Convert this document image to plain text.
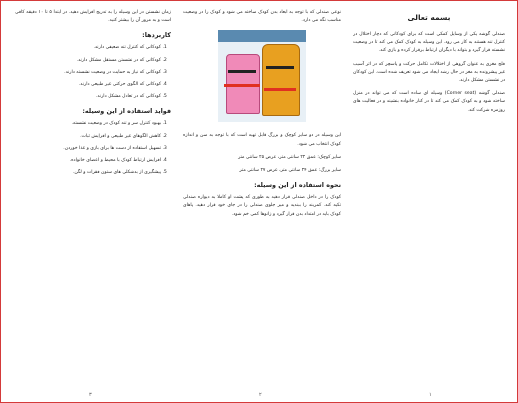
بسمه تعالی

صندلی گوشه یکی از وسایل کمکی است که برای کودکانی که دچار اختلال در کنترل تنه هستند به کار می رود. این وسیله به کودک کمک می کند تا در وضعیت نشسته قرار گیرد و بتواند با دیگران ارتباط برقرار کرده و بازی کند.

فلج مغزی به عنوان گروهی از اختلالات تکامل حرکت و پاسچر که در اثر آسیب غیر پیشرونده به مغز در حال رشد ایجاد می شود تعریف شده است. این کودکان در نشستن مشکل دارند.

صندلی گوشه (Corner seat) وسیله ای ساده است که می تواند در منزل ساخته شود و به کودک کمک می کند تا در کنار خانواده بنشیند و در فعالیت های روزمره شرکت کند.

۱

نوعی صندلی که با توجه به ابعاد بدن کودک ساخته می شود و کودک را در وضعیت مناسب نگه می دارد.

این وسیله در دو سایز کوچک و بزرگ قابل تهیه است که با توجه به سن و اندازه کودک انتخاب می شود.

سایز کوچک: عمق ۲۲ سانتی متر، عرض ۲۵ سانتی متر

سایز بزرگ: عمق ۲۴ سانتی متر، عرض ۲۷ سانتی متر

نحوه استفاده از این وسیله:

کودک را در داخل صندلی قرار دهید به طوری که پشت او کاملا به دیواره صندلی تکیه کند. کمربند را ببندید و میز جلوی صندلی را در جای خود قرار دهید. پاهای کودک باید در امتداد بدن قرار گیرد و زانوها کمی خم شود.

۲

زمان نشستن در این وسیله را به تدریج افزایش دهید. در ابتدا ۵ تا ۱۰ دقیقه کافی است و به مرور آن را بیشتر کنید.

کاربردها:
1. کودکانی که کنترل تنه ضعیفی دارند.
2. کودکانی که در نشستن مستقل مشکل دارند.
3. کودکانی که نیاز به حمایت در وضعیت نشسته دارند.
4. کودکانی که الگوی حرکتی غیر طبیعی دارند.
5. کودکانی که در تعادل مشکل دارند.
فواید استفاده از این وسیله:
1. بهبود کنترل سر و تنه کودک در وضعیت نشسته.
2. کاهش الگوهای غیر طبیعی و افزایش ثبات.
3. تسهیل استفاده از دست ها برای بازی و غذا خوردن.
4. افزایش ارتباط کودک با محیط و اعضای خانواده.
5. پیشگیری از بدشکلی های ستون فقرات و لگن.
۳
